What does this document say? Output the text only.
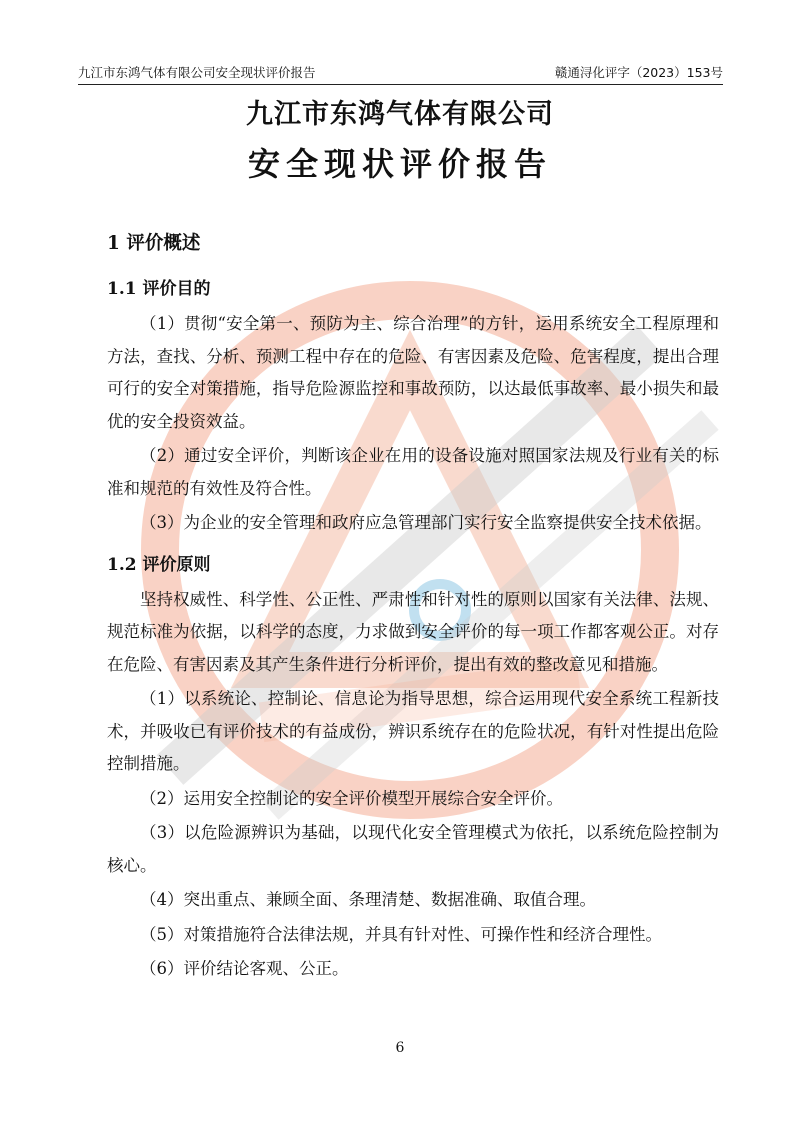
九江市东鸿气体有限公司安全现状评价报告	赣通浔化评字（2023）153号
九江市东鸿气体有限公司
安全现状评价报告
1 评价概述
1.1 评价目的

（1）贯彻“安全第一、预防为主、综合治理”的方针，运用系统安全工程原理和方法，查找、分析、预测工程中存在的危险、有害因素及危险、危害程度，提出合理可行的安全对策措施，指导危险源监控和事故预防，以达最低事故率、最小损失和最优的安全投资效益。

（2）通过安全评价，判断该企业在用的设备设施对照国家法规及行业有关的标准和规范的有效性及符合性。

（3）为企业的安全管理和政府应急管理部门实行安全监察提供安全技术依据。

1.2 评价原则

坚持权威性、科学性、公正性、严肃性和针对性的原则以国家有关法律、法规、规范标准为依据，以科学的态度，力求做到安全评价的每一项工作都客观公正。对存在危险、有害因素及其产生条件进行分析评价，提出有效的整改意见和措施。

（1）以系统论、控制论、信息论为指导思想，综合运用现代安全系统工程新技术，并吸收已有评价技术的有益成份，辨识系统存在的危险状况，有针对性提出危险控制措施。

（2）运用安全控制论的安全评价模型开展综合安全评价。

（3）以危险源辨识为基础，以现代化安全管理模式为依托，以系统危险控制为核心。

（4）突出重点、兼顾全面、条理清楚、数据准确、取值合理。

（5）对策措施符合法律法规，并具有针对性、可操作性和经济合理性。

（6）评价结论客观、公正。

6
